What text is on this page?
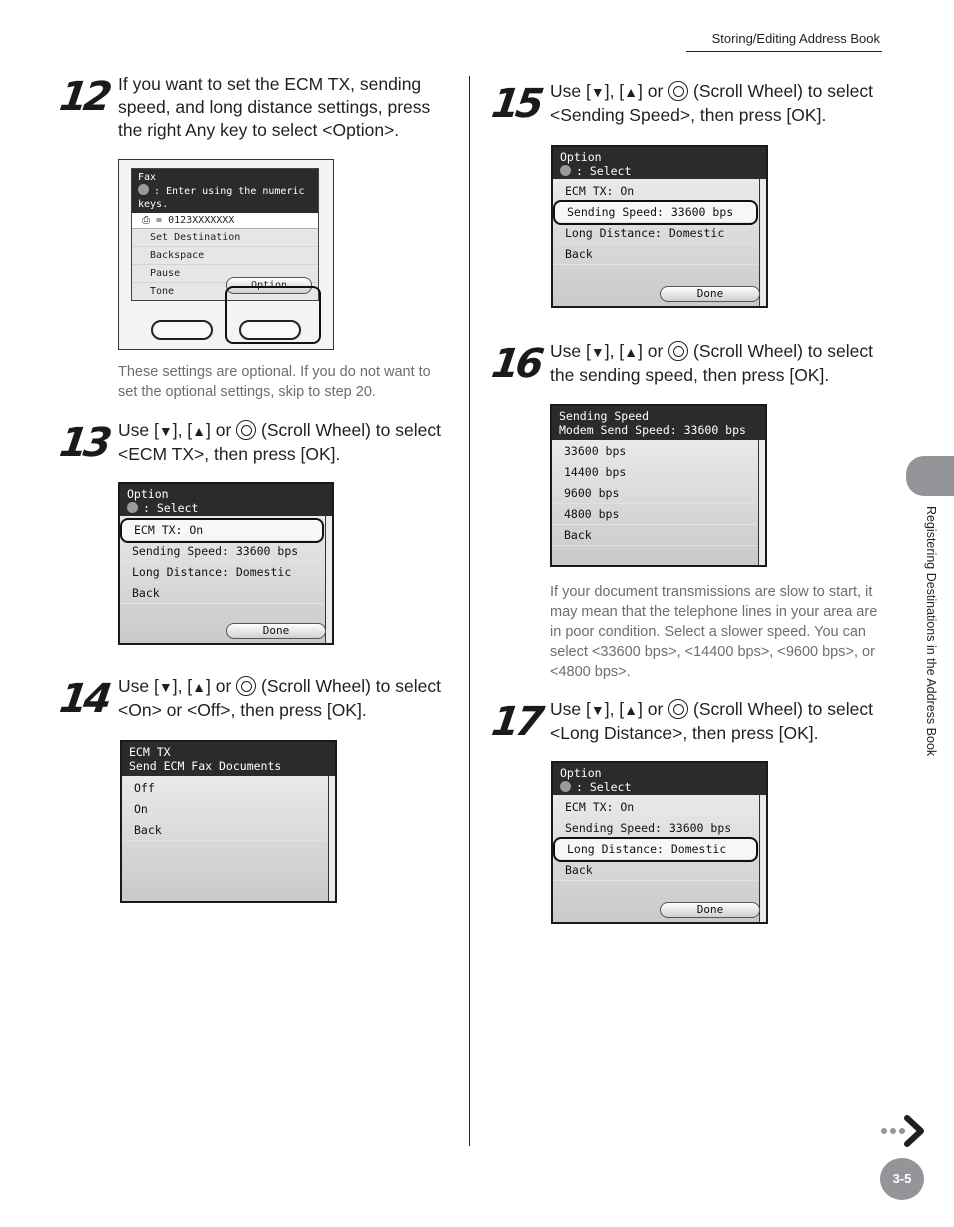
Storing/Editing Address Book
12 If you want to set the ECM TX, sending speed, and long distance settings, press the right Any key to select <Option>.
Fax
: Enter using the numeric keys.
⎙ = 0123XXXXXXX
Set Destination
Backspace
Pause
Tone
Option
These settings are optional. If you do not want to set the optional settings, skip to step 20.
13 Use [▼], [▲] or  (Scroll Wheel) to select <ECM TX>, then press [OK].
Option
: Select
ECM TX: On
Sending Speed: 33600 bps
Long Distance: Domestic
Back
Done
14 Use [▼], [▲] or  (Scroll Wheel) to select <On> or <Off>, then press [OK].
ECM TX
Send ECM Fax Documents
Off
On
Back
15 Use [▼], [▲] or  (Scroll Wheel) to select <Sending Speed>, then press [OK].
Option
: Select
ECM TX: On
Sending Speed: 33600 bps
Long Distance: Domestic
Back
Done
16 Use [▼], [▲] or  (Scroll Wheel) to select the sending speed, then press [OK].
Sending Speed
Modem Send Speed: 33600 bps
33600 bps
14400 bps
9600 bps
4800 bps
Back
If your document transmissions are slow to start, it may mean that the telephone lines in your area are in poor condition. Select a slower speed. You can select <33600 bps>, <14400 bps>, <9600 bps>, or <4800 bps>.
17 Use [▼], [▲] or  (Scroll Wheel) to select <Long Distance>, then press [OK].
Option
: Select
ECM TX: On
Sending Speed: 33600 bps
Long Distance: Domestic
Back
Done
Registering Destinations in the Address Book
3-5
